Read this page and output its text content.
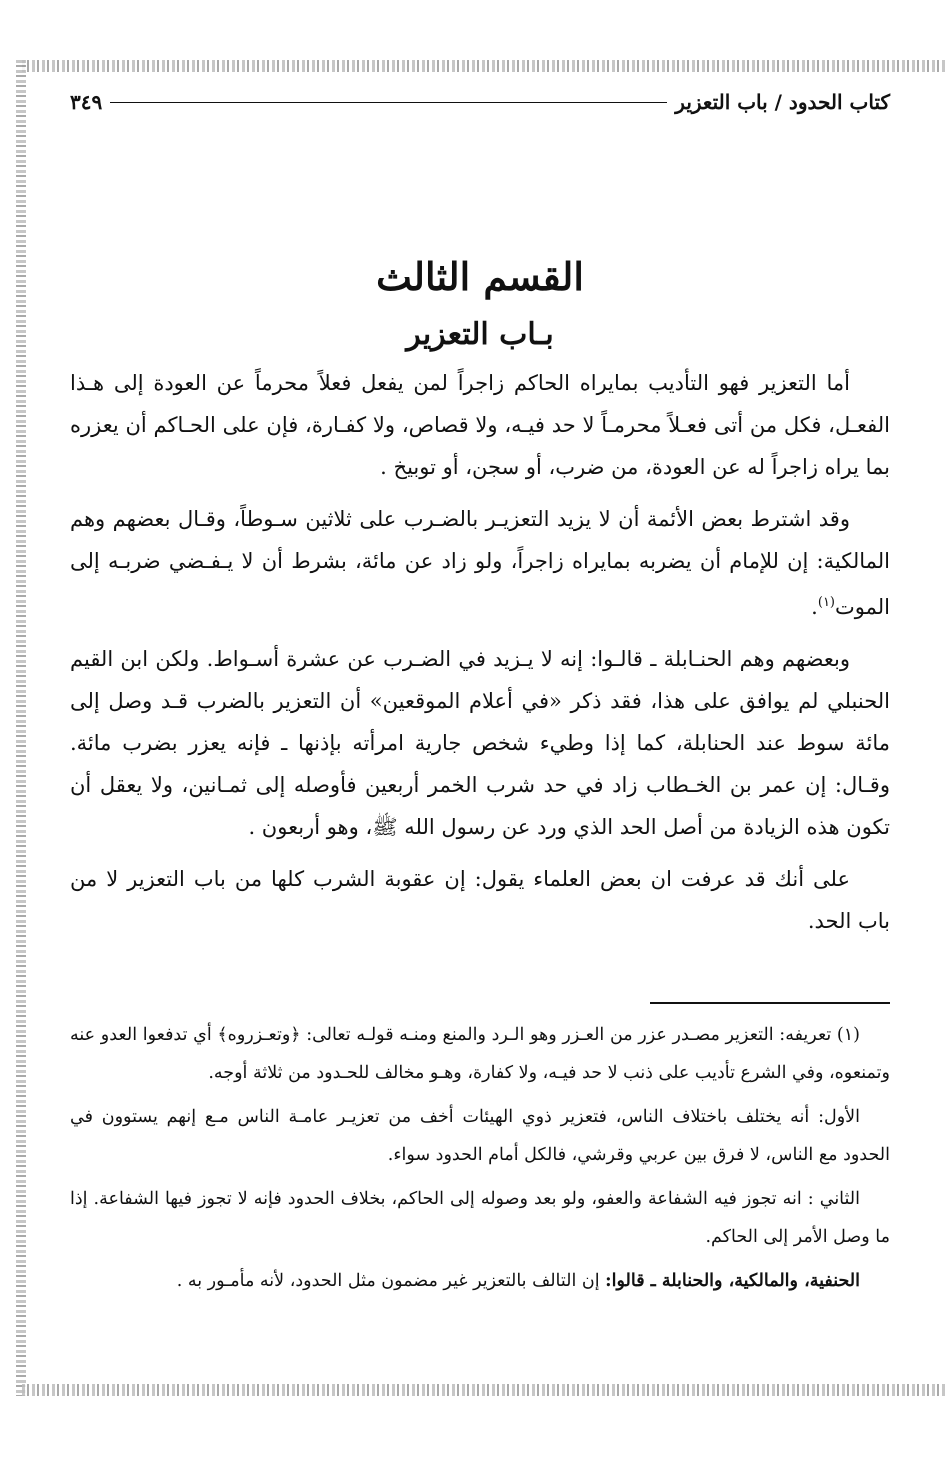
كتاب الحدود / باب التعزير
٣٤٩
القسم الثالث
بـاب التعزير

أما التعزير فهو التأديب بمايراه الحاكم زاجراً لمن يفعل فعلاً محرماً عن العودة إلى هـذا الفعـل، فكل من أتى فعـلاً محرمـاً لا حد فيـه، ولا قصاص، ولا كفـارة، فإن على الحـاكم أن يعزره بما يراه زاجراً له عن العودة، من ضرب، أو سجن، أو توبيخ .

وقد اشترط بعض الأئمة أن لا يزيد التعزيـر بالضـرب على ثلاثين سـوطاً، وقـال بعضهم وهم المالكية: إن للإمام أن يضربه بمايراه زاجراً، ولو زاد عن مائة، بشرط أن لا يـفـضي ضربـه إلى الموت$^{(١)}$.

وبعضهم وهم الحنـابلة ـ قالـوا: إنه لا يـزيد في الضـرب عن عشرة أسـواط. ولكن ابن القيم الحنبلي لم يوافق على هذا، فقد ذكر «في أعلام الموقعين» أن التعزير بالضرب قـد وصل إلى مائة سوط عند الحنابلة، كما إذا وطيء شخص جارية امرأته بإذنها ـ فإنه يعزر بضرب مائة. وقـال: إن عمر بن الخـطاب زاد في حد شرب الخمر أربعين فأوصله إلى ثمـانين، ولا يعقل أن تكون هذه الزيادة من أصل الحد الذي ورد عن رسول الله ﷺ، وهو أربعون .

على أنك قد عرفت ان بعض العلماء يقول: إن عقوبة الشرب كلها من باب التعزير لا من باب الحد.

(١) تعريفه: التعزير مصـدر عزر من العـزر وهو الـرد والمنع ومنـه قولـه تعالى: ﴿وتعـزروه﴾ أي تدفعوا العدو عنه وتمنعوه، وفي الشرع تأديب على ذنب لا حد فيـه، ولا كفارة، وهـو مخالف للحـدود من ثلاثة أوجه.

الأول: أنه يختلف باختلاف الناس، فتعزير ذوي الهيئات أخف من تعزيـر عامـة الناس مـع إنهم يستوون في الحدود مع الناس، لا فرق بين عربي وقرشي، فالكل أمام الحدود سواء.

الثاني : انه تجوز فيه الشفاعة والعفو، ولو بعد وصوله إلى الحاكم، بخلاف الحدود فإنه لا تجوز فيها الشفاعة. إذا ما وصل الأمر إلى الحاكم.

الحنفية، والمالكية، والحنابلة ـ قالوا: إن التالف بالتعزير غير مضمون مثل الحدود، لأنه مأمـور به .
